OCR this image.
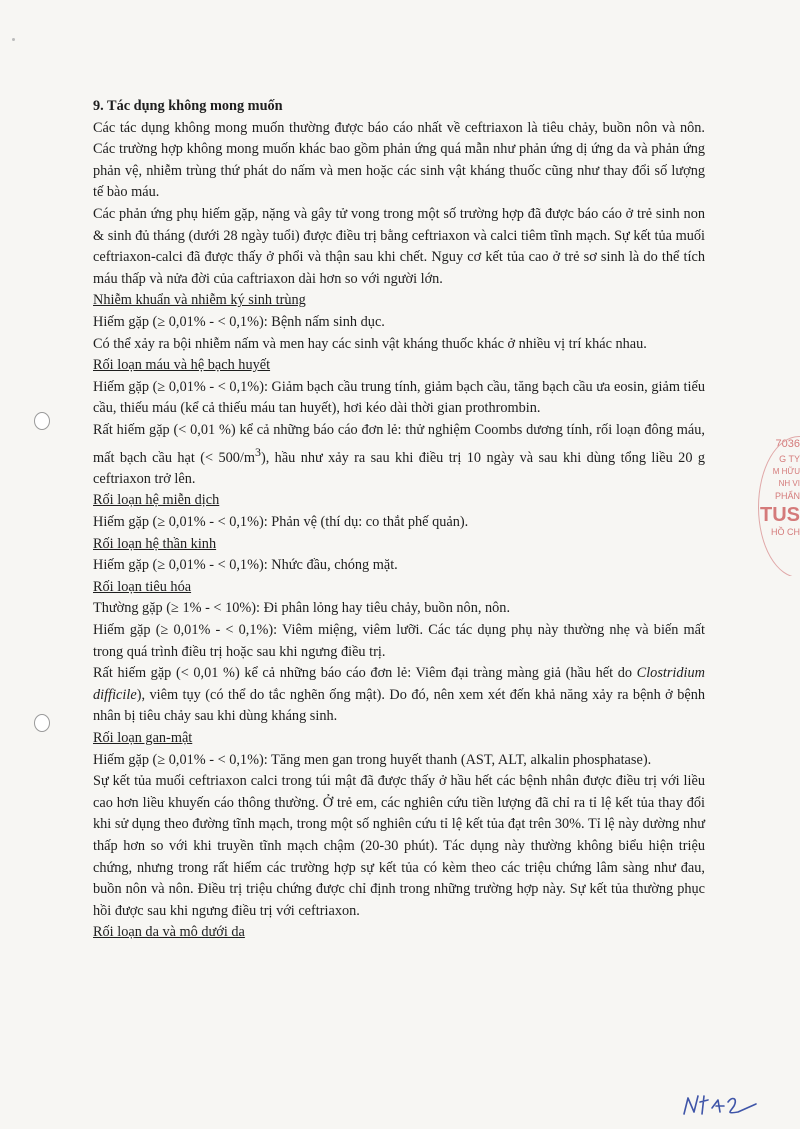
9. Tác dụng không mong muốn

Các tác dụng không mong muốn thường được báo cáo nhất về ceftriaxon là tiêu chảy, buồn nôn và nôn. Các trường hợp không mong muốn khác bao gồm phản ứng quá mẫn như phản ứng dị ứng da và phản ứng phản vệ, nhiễm trùng thứ phát do nấm và men hoặc các sinh vật kháng thuốc cũng như thay đổi số lượng tế bào máu.

Các phản ứng phụ hiếm gặp, nặng và gây tử vong trong một số trường hợp đã được báo cáo ở trẻ sinh non & sinh đủ tháng (dưới 28 ngày tuổi) được điều trị bằng ceftriaxon và calci tiêm tĩnh mạch. Sự kết tủa muối ceftriaxon-calci đã được thấy ở phổi và thận sau khi chết. Nguy cơ kết tủa cao ở trẻ sơ sinh là do thể tích máu thấp và nửa đời của caftriaxon dài hơn so với người lớn.

Nhiễm khuẩn và nhiễm ký sinh trùng

Hiếm gặp (≥ 0,01% - < 0,1%): Bệnh nấm sinh dục.

Có thể xảy ra bội nhiễm nấm và men hay các sinh vật kháng thuốc khác ở nhiều vị trí khác nhau.

Rối loạn máu và hệ bạch huyết

Hiếm gặp (≥ 0,01% - < 0,1%): Giảm bạch cầu trung tính, giảm bạch cầu, tăng bạch cầu ưa eosin, giảm tiểu cầu, thiếu máu (kể cả thiếu máu tan huyết), hơi kéo dài thời gian prothrombin.

Rất hiếm gặp (< 0,01 %) kể cả những báo cáo đơn lẻ: thử nghiệm Coombs dương tính, rối loạn đông máu, mất bạch cầu hạt (< $500/m^3$), hầu như xảy ra sau khi điều trị 10 ngày và sau khi dùng tổng liều 20 g ceftriaxon trở lên.

Rối loạn hệ miễn dịch

Hiếm gặp (≥ 0,01% - < 0,1%): Phản vệ (thí dụ: co thắt phế quản).

Rối loạn hệ thần kinh

Hiếm gặp (≥ 0,01% - < 0,1%): Nhức đầu, chóng mặt.

Rối loạn tiêu hóa

Thường gặp (≥ 1% - < 10%): Đi phân lỏng hay tiêu chảy, buồn nôn, nôn.

Hiếm gặp (≥ 0,01% - < 0,1%): Viêm miệng, viêm lưỡi. Các tác dụng phụ này thường nhẹ và biến mất trong quá trình điều trị hoặc sau khi ngưng điều trị.

Rất hiếm gặp (< 0,01 %) kể cả những báo cáo đơn lẻ: Viêm đại tràng màng giả (hầu hết do Clostridium difficile), viêm tụy (có thể do tắc nghẽn ống mật). Do đó, nên xem xét đến khả năng xảy ra bệnh ở bệnh nhân bị tiêu chảy sau khi dùng kháng sinh.

Rối loạn gan-mật

Hiếm gặp (≥ 0,01% - < 0,1%): Tăng men gan trong huyết thanh (AST, ALT, alkalin phosphatase).

Sự kết tủa muối ceftriaxon calci trong túi mật đã được thấy ở hầu hết các bệnh nhân được điều trị với liều cao hơn liều khuyến cáo thông thường. Ở trẻ em, các nghiên cứu tiền lượng đã chỉ ra tỉ lệ kết tủa thay đổi khi sử dụng theo đường tĩnh mạch, trong một số nghiên cứu tỉ lệ kết tủa đạt trên 30%. Tỉ lệ này dường như thấp hơn so với khi truyền tĩnh mạch chậm (20-30 phút). Tác dụng này thường không biểu hiện triệu chứng, nhưng trong rất hiếm các trường hợp sự kết tủa có kèm theo các triệu chứng lâm sàng như đau, buồn nôn và nôn. Điều trị triệu chứng được chỉ định trong những trường hợp này. Sự kết tủa thường phục hồi được sau khi ngưng điều trị với ceftriaxon.

Rối loạn da và mô dưới da

7036
G TY
M HỮU
NH VI
PHẨN
TUS
HỒ CH
